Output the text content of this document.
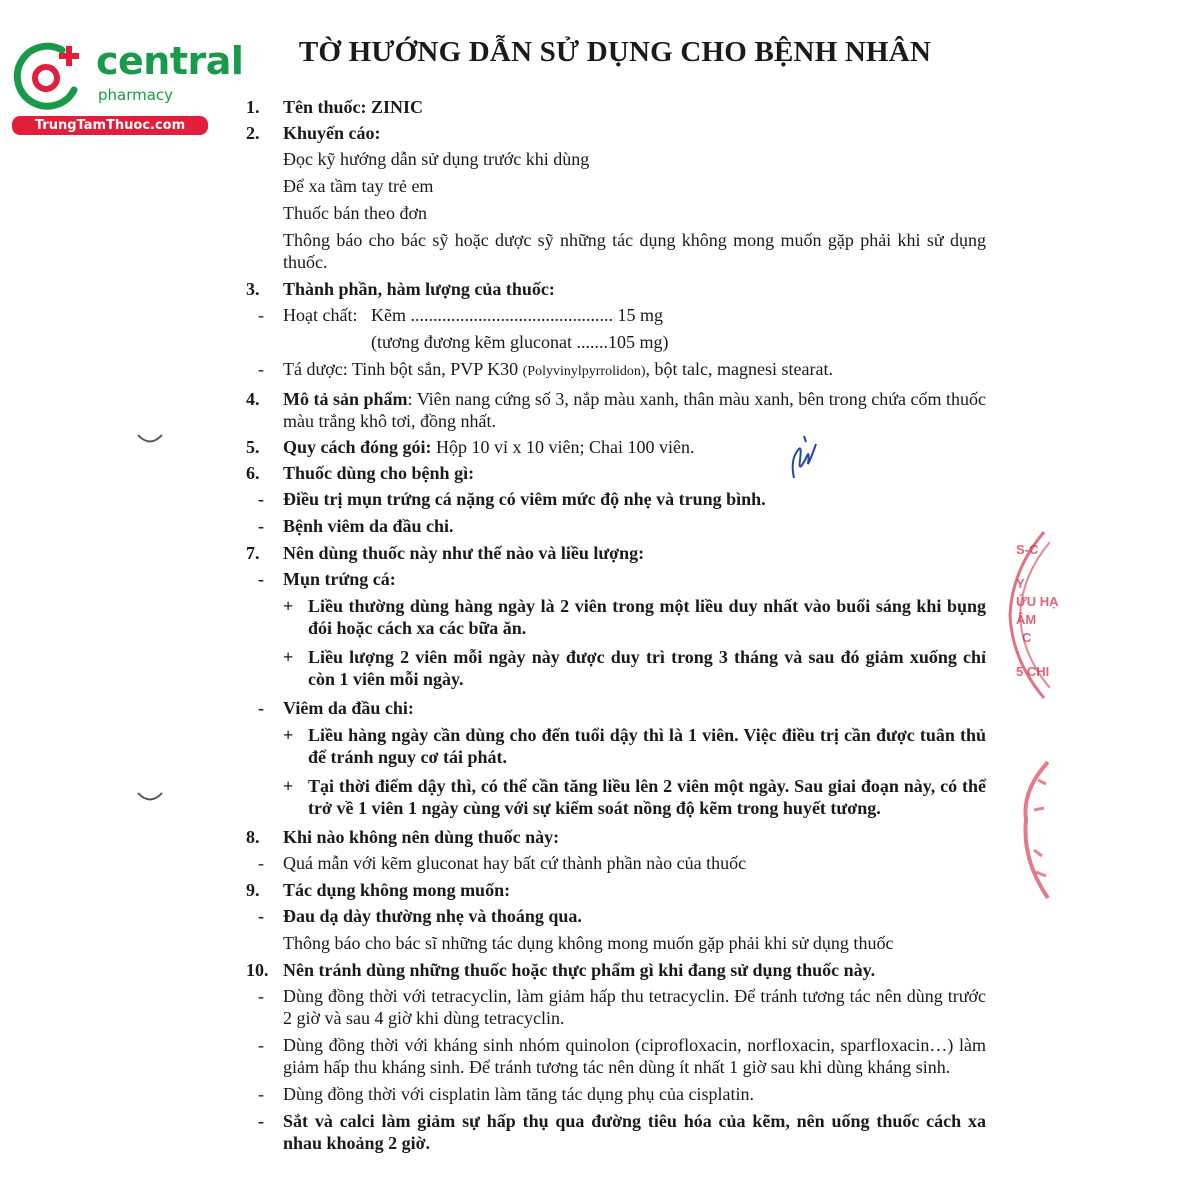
central
pharmacy
TrungTamThuoc.com
TỜ HƯỚNG DẪN SỬ DỤNG CHO BỆNH NHÂN
S-C
Y
ỨU HẠ
ÂM
C
5 CHI
1.	Tên thuốc: ZINIC
2.	Khuyến cáo:
Đọc kỹ hướng dẫn sử dụng trước khi dùng
Để xa tầm tay trẻ em
Thuốc bán theo đơn
Thông báo cho bác sỹ hoặc dược sỹ những tác dụng không mong muốn gặp phải khi sử dụng thuốc.
3.	Thành phần, hàm lượng của thuốc:
-	Hoạt chất: Kẽm ............................................. 15 mg
(tương đương kẽm gluconat .......105 mg)
-	Tá dược: Tinh bột sắn, PVP K30 (Polyvinylpyrrolidon), bột talc, magnesi stearat.
4.	Mô tả sản phẩm: Viên nang cứng số 3, nắp màu xanh, thân màu xanh, bên trong chứa cốm thuốc màu trắng khô tơi, đồng nhất.
5.	Quy cách đóng gói: Hộp 10 vỉ x 10 viên; Chai 100 viên.
6.	Thuốc dùng cho bệnh gì:
-	Điều trị mụn trứng cá nặng có viêm mức độ nhẹ và trung bình.
-	Bệnh viêm da đầu chi.
7.	Nên dùng thuốc này như thế nào và liều lượng:
-	Mụn trứng cá:
+ Liều thường dùng hàng ngày là 2 viên trong một liều duy nhất vào buổi sáng khi bụng đói hoặc cách xa các bữa ăn.
+ Liều lượng 2 viên mỗi ngày này được duy trì trong 3 tháng và sau đó giảm xuống chỉ còn 1 viên mỗi ngày.
-	Viêm da đầu chi:
+ Liều hàng ngày cần dùng cho đến tuổi dậy thì là 1 viên. Việc điều trị cần được tuân thủ để tránh nguy cơ tái phát.
+ Tại thời điểm dậy thì, có thể cần tăng liều lên 2 viên một ngày. Sau giai đoạn này, có thể trở về 1 viên 1 ngày cùng với sự kiểm soát nồng độ kẽm trong huyết tương.
8.	Khi nào không nên dùng thuốc này:
-	Quá mẫn với kẽm gluconat hay bất cứ thành phần nào của thuốc
9.	Tác dụng không mong muốn:
-	Đau dạ dày thường nhẹ và thoáng qua.
Thông báo cho bác sĩ những tác dụng không mong muốn gặp phải khi sử dụng thuốc
10. Nên tránh dùng những thuốc hoặc thực phẩm gì khi đang sử dụng thuốc này.
-	Dùng đồng thời với tetracyclin, làm giảm hấp thu tetracyclin. Để tránh tương tác nên dùng trước 2 giờ và sau 4 giờ khi dùng tetracyclin.
-	Dùng đồng thời với kháng sinh nhóm quinolon (ciprofloxacin, norfloxacin, sparfloxacin…) làm giảm hấp thu kháng sinh. Để tránh tương tác nên dùng ít nhất 1 giờ sau khi dùng kháng sinh.
-	Dùng đồng thời với cisplatin làm tăng tác dụng phụ của cisplatin.
-	Sắt và calci làm giảm sự hấp thụ qua đường tiêu hóa của kẽm, nên uống thuốc cách xa nhau khoảng 2 giờ.
